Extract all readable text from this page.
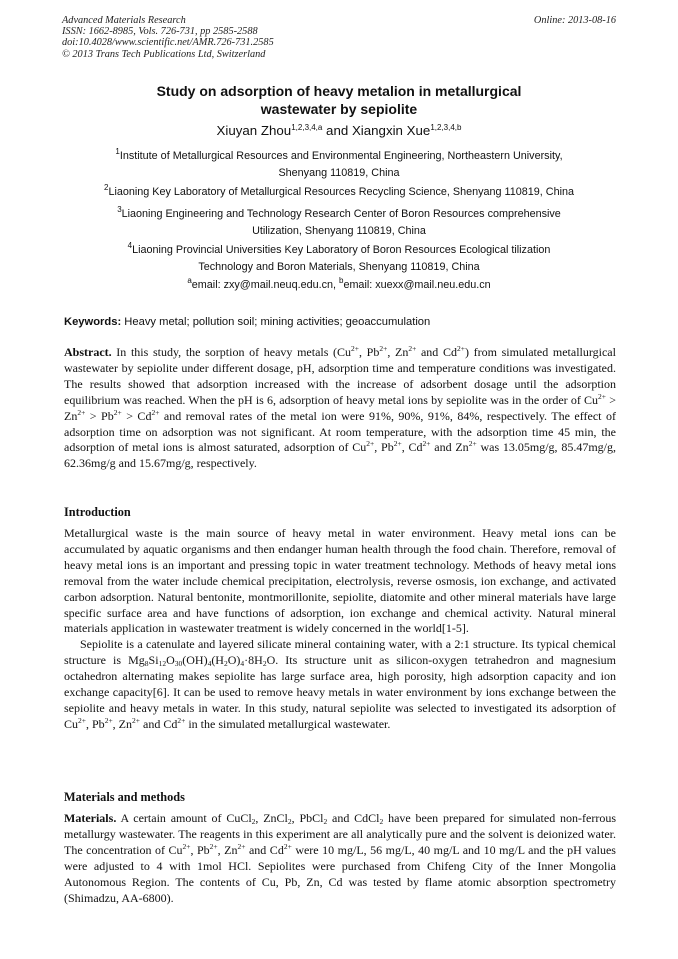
Advanced Materials Research
ISSN: 1662-8985, Vols. 726-731, pp 2585-2588
doi:10.4028/www.scientific.net/AMR.726-731.2585
© 2013 Trans Tech Publications Ltd, Switzerland
Online: 2013-08-16
Study on adsorption of heavy metalion in metallurgical
wastewater by sepiolite
Xiuyan Zhou$^{1,2,3,4,a}$ and Xiangxin Xue$^{1,2,3,4,b}$
$^1$Institute of Metallurgical Resources and Environmental Engineering, Northeastern University,
Shenyang 110819, China
$^2$Liaoning Key Laboratory of Metallurgical Resources Recycling Science, Shenyang 110819, China
$^3$Liaoning Engineering and Technology Research Center of Boron Resources comprehensive
Utilization, Shenyang 110819, China
$^4$Liaoning Provincial Universities Key Laboratory of Boron Resources Ecological tilization
Technology and Boron Materials, Shenyang 110819, China
$^a$email: zxy@mail.neuq.edu.cn, $^b$email: xuexx@mail.neu.edu.cn
Keywords: Heavy metal; pollution soil; mining activities; geoaccumulation

Abstract. In this study, the sorption of heavy metals ($Cu^{2+}$, $Pb^{2+}$, $Zn^{2+}$ and $Cd^{2+}$) from simulated metallurgical wastewater by sepiolite under different dosage, pH, adsorption time and temperature conditions was investigated. The results showed that adsorption increased with the increase of adsorbent dosage until the adsorption equilibrium was reached. When the pH is 6, adsorption of heavy metal ions by sepiolite was in the order of $Cu^{2+} > Zn^{2+} > Pb^{2+} > Cd^{2+}$ and removal rates of the metal ion were 91%, 90%, 91%, 84%, respectively. The effect of adsorption time on adsorption was not significant. At room temperature, with the adsorption time 45 min, the adsorption of metal ions is almost saturated, adsorption of $Cu^{2+}$, $Pb^{2+}$, $Cd^{2+}$ and $Zn^{2+}$ was 13.05mg/g, 85.47mg/g, 62.36mg/g and 15.67mg/g, respectively.

Introduction

Metallurgical waste is the main source of heavy metal in water environment. Heavy metal ions can be accumulated by aquatic organisms and then endanger human health through the food chain. Therefore, removal of heavy metal ions is an important and pressing topic in water treatment technology. Methods of heavy metal ions removal from the water include chemical precipitation, electrolysis, reverse osmosis, ion exchange, and activated carbon adsorption. Natural bentonite, montmorillonite, sepiolite, diatomite and other mineral materials have large specific surface area and have functions of adsorption, ion exchange and chemical activity. Natural mineral materials application in wastewater treatment is widely concerned in the world[1-5].

Sepiolite is a catenulate and layered silicate mineral containing water, with a 2:1 structure. Its typical chemical structure is $Mg_8Si_{12}O_{30}(OH)_4(H_2O)_4\cdot 8H_2O$. Its structure unit as silicon-oxygen tetrahedron and magnesium octahedron alternating makes sepiolite has large surface area, high porosity, high adsorption capacity and ion exchange capacity[6]. It can be used to remove heavy metals in water environment by ions exchange between the sepiolite and heavy metals in water. In this study, natural sepiolite was selected to investigated its adsorption of $Cu^{2+}$, $Pb^{2+}$, $Zn^{2+}$ and $Cd^{2+}$ in the simulated metallurgical wastewater.

Materials and methods

Materials. A certain amount of CuCl$_2$, ZnCl$_2$, PbCl$_2$ and CdCl$_2$ have been prepared for simulated non-ferrous metallurgy wastewater. The reagents in this experiment are all analytically pure and the solvent is deionized water. The concentration of $Cu^{2+}$, $Pb^{2+}$, $Zn^{2+}$ and $Cd^{2+}$ were 10 mg/L, 56 mg/L, 40 mg/L and 10 mg/L and the pH values were adjusted to 4 with 1mol HCl. Sepiolites were purchased from Chifeng City of the Inner Mongolia Autonomous Region. The contents of Cu, Pb, Zn, Cd was tested by flame atomic absorption spectrometry (Shimadzu, AA-6800).
